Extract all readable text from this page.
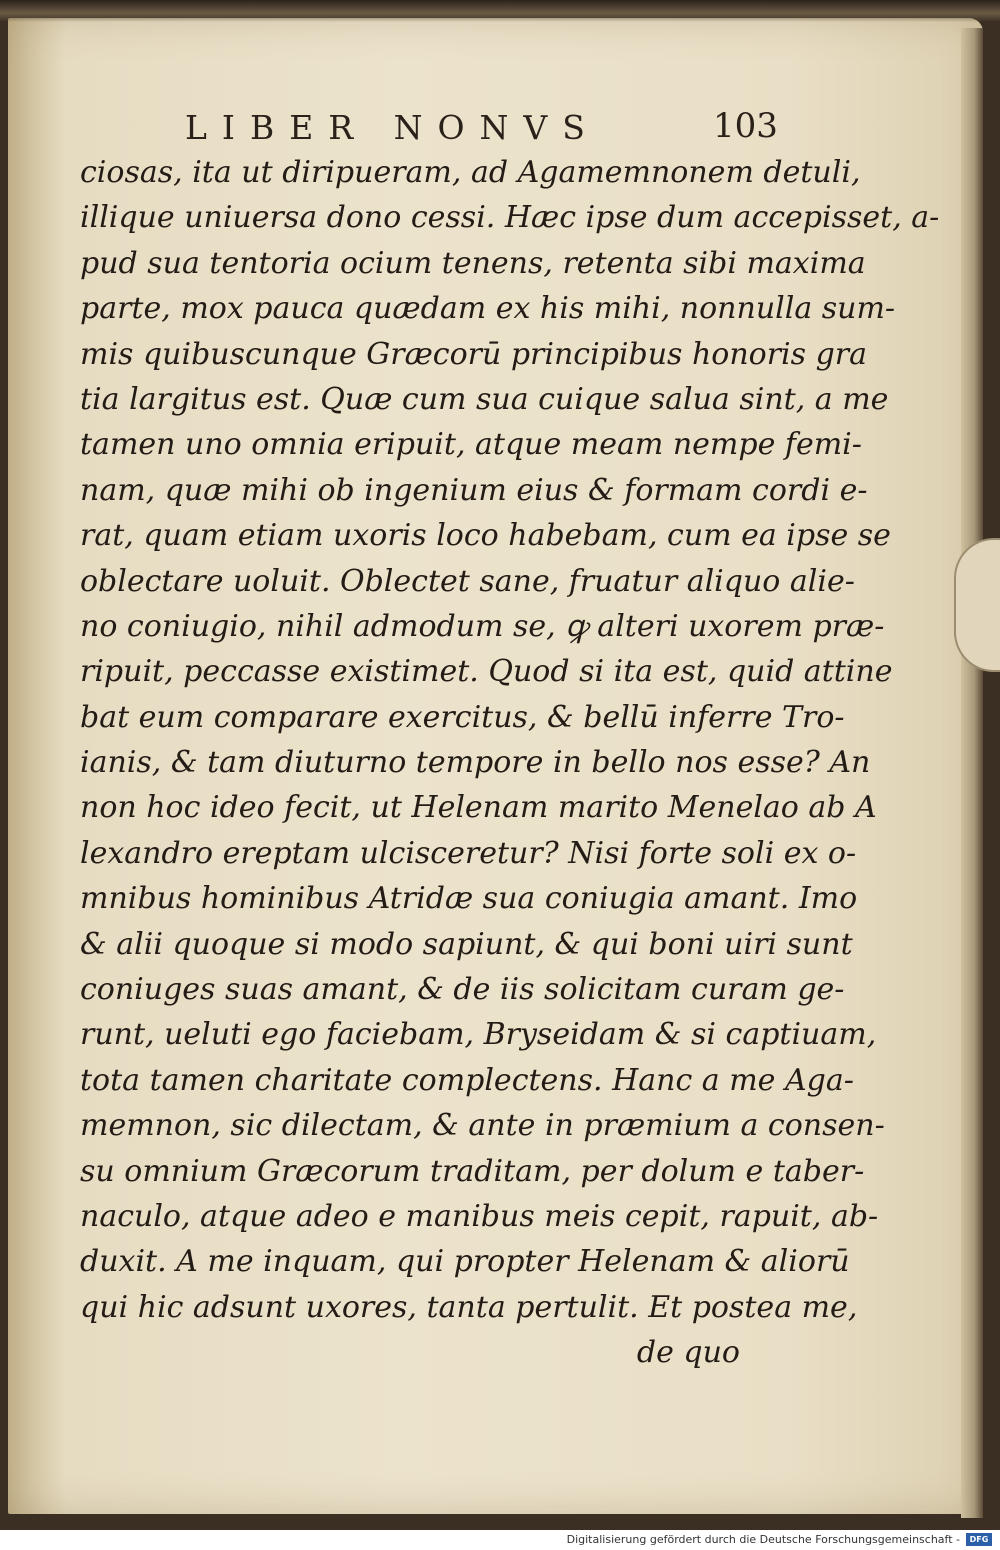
LIBER NONVS	103
ciosas, ita ut diripueram, ad Agamemnonem detuli,
illique uniuersa dono cessi. Hæc ipse dum accepisset, a-
pud sua tentoria ocium tenens, retenta sibi maxima
parte, mox pauca quædam ex his mihi, nonnulla sum-
mis quibuscunque Græcorū principibus honoris gra
tia largitus est. Quæ cum sua cuique salua sint, a me
tamen uno omnia eripuit, atque meam nempe femi-
nam, quæ mihi ob ingenium eius & formam cordi e-
rat, quam etiam uxoris loco habebam, cum ea ipse se
oblectare uoluit. Oblectet sane, fruatur aliquo alie-
no coniugio, nihil admodum se, ꝙ alteri uxorem præ-
ripuit, peccasse existimet. Quod si ita est, quid attine
bat eum comparare exercitus, & bellū inferre Tro-
ianis, & tam diuturno tempore in bello nos esse? An
non hoc ideo fecit, ut Helenam marito Menelao ab A
lexandro ereptam ulcisceretur? Nisi forte soli ex o-
mnibus hominibus Atridæ sua coniugia amant. Imo
& alii quoque si modo sapiunt, & qui boni uiri sunt
coniuges suas amant, & de iis solicitam curam ge-
runt, ueluti ego faciebam, Bryseidam & si captiuam,
tota tamen charitate complectens. Hanc a me Aga-
memnon, sic dilectam, & ante in præmium a consen-
su omnium Græcorum traditam, per dolum e taber-
naculo, atque adeo e manibus meis cepit, rapuit, ab-
duxit. A me inquam, qui propter Helenam & aliorū
qui hic adsunt uxores, tanta pertulit. Et postea me,
de quo
Digitalisierung gefördert durch die Deutsche Forschungsgemeinschaft -	DFG
